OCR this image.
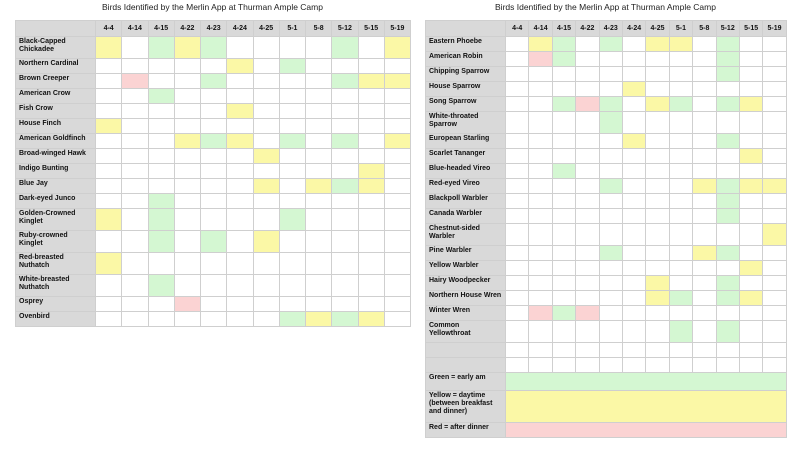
Birds Identified by the Merlin App at Thurman Ample Camp
	4-4	4-14	4-15	4-22	4-23	4-24	4-25	5-1	5-8	5-12	5-15	5-19
Black-Capped Chickadee												
Northern Cardinal												
Brown Creeper												
American Crow												
Fish Crow												
House Finch												
American Goldfinch												
Broad-winged Hawk												
Indigo Bunting												
Blue Jay												
Dark-eyed Junco												
Golden-Crowned Kinglet												
Ruby-crowned Kinglet												
Red-breasted Nuthatch												
White-breasted Nuthatch												
Osprey												
Ovenbird												
Birds Identified by the Merlin App at Thurman Ample Camp
	4-4	4-14	4-15	4-22	4-23	4-24	4-25	5-1	5-8	5-12	5-15	5-19
Eastern Phoebe												
American Robin												
Chipping Sparrow												
House Sparrow												
Song Sparrow												
White-throated Sparrow												
European Starling												
Scarlet Tananger												
Blue-headed Vireo												
Red-eyed Vireo												
Blackpoll Warbler												
Canada Warbler												
Chestnut-sided Warbler												
Pine Warbler												
Yellow Warbler												
Hairy Woodpecker												
Northern House Wren												
Winter Wren												
Common Yellowthroat												

Green = early am												
Yellow = daytime (between breakfast and dinner)												
Red = after dinner												
